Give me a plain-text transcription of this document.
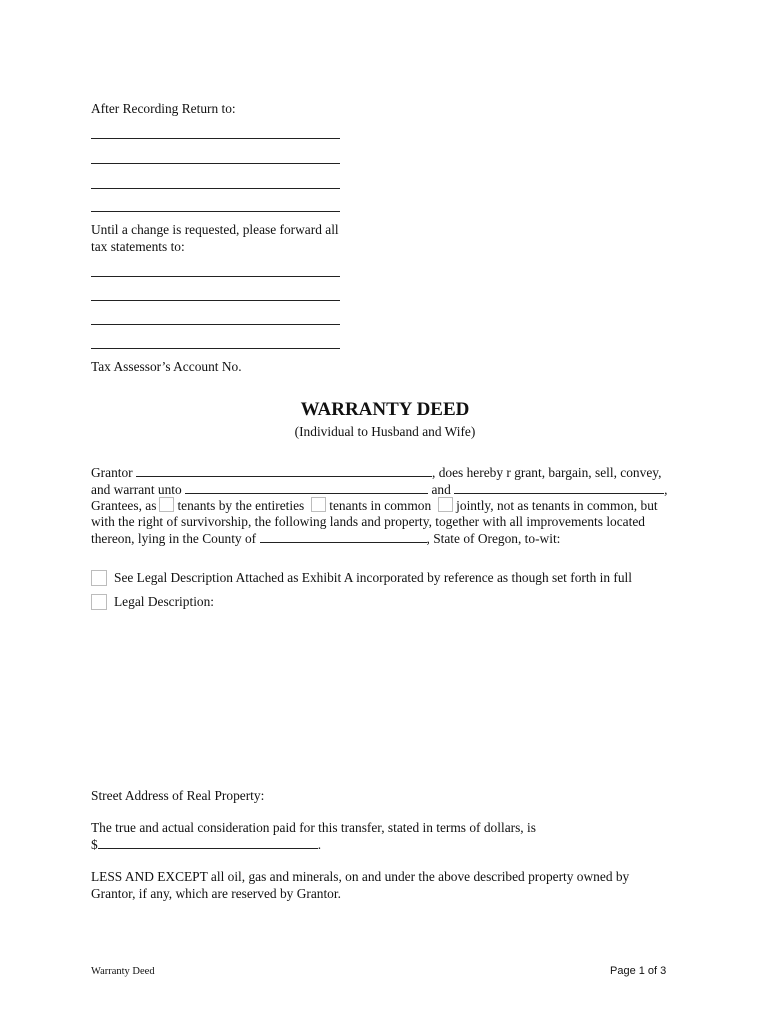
After Recording Return to:
Until a change is requested, please forward all
tax statements to:
Tax Assessor’s Account No.
WARRANTY DEED
(Individual to Husband and Wife)
Grantor	, does hereby r grant, bargain, sell, convey,
and warrant unto	and	,
Grantees, as tenants by the entireties tenants in common jointly, not as tenants in common, but
with the right of survivorship, the following lands and property, together with all improvements located
thereon, lying in the County of	, State of Oregon, to-wit:
See Legal Description Attached as Exhibit A incorporated by reference as though set forth in full
Legal Description:
Street Address of Real Property:
The true and actual consideration paid for this transfer, stated in terms of dollars, is
$	.
LESS AND EXCEPT all oil, gas and minerals, on and under the above described property owned by
Grantor, if any, which are reserved by Grantor.
Warranty Deed	Page 1 of 3
